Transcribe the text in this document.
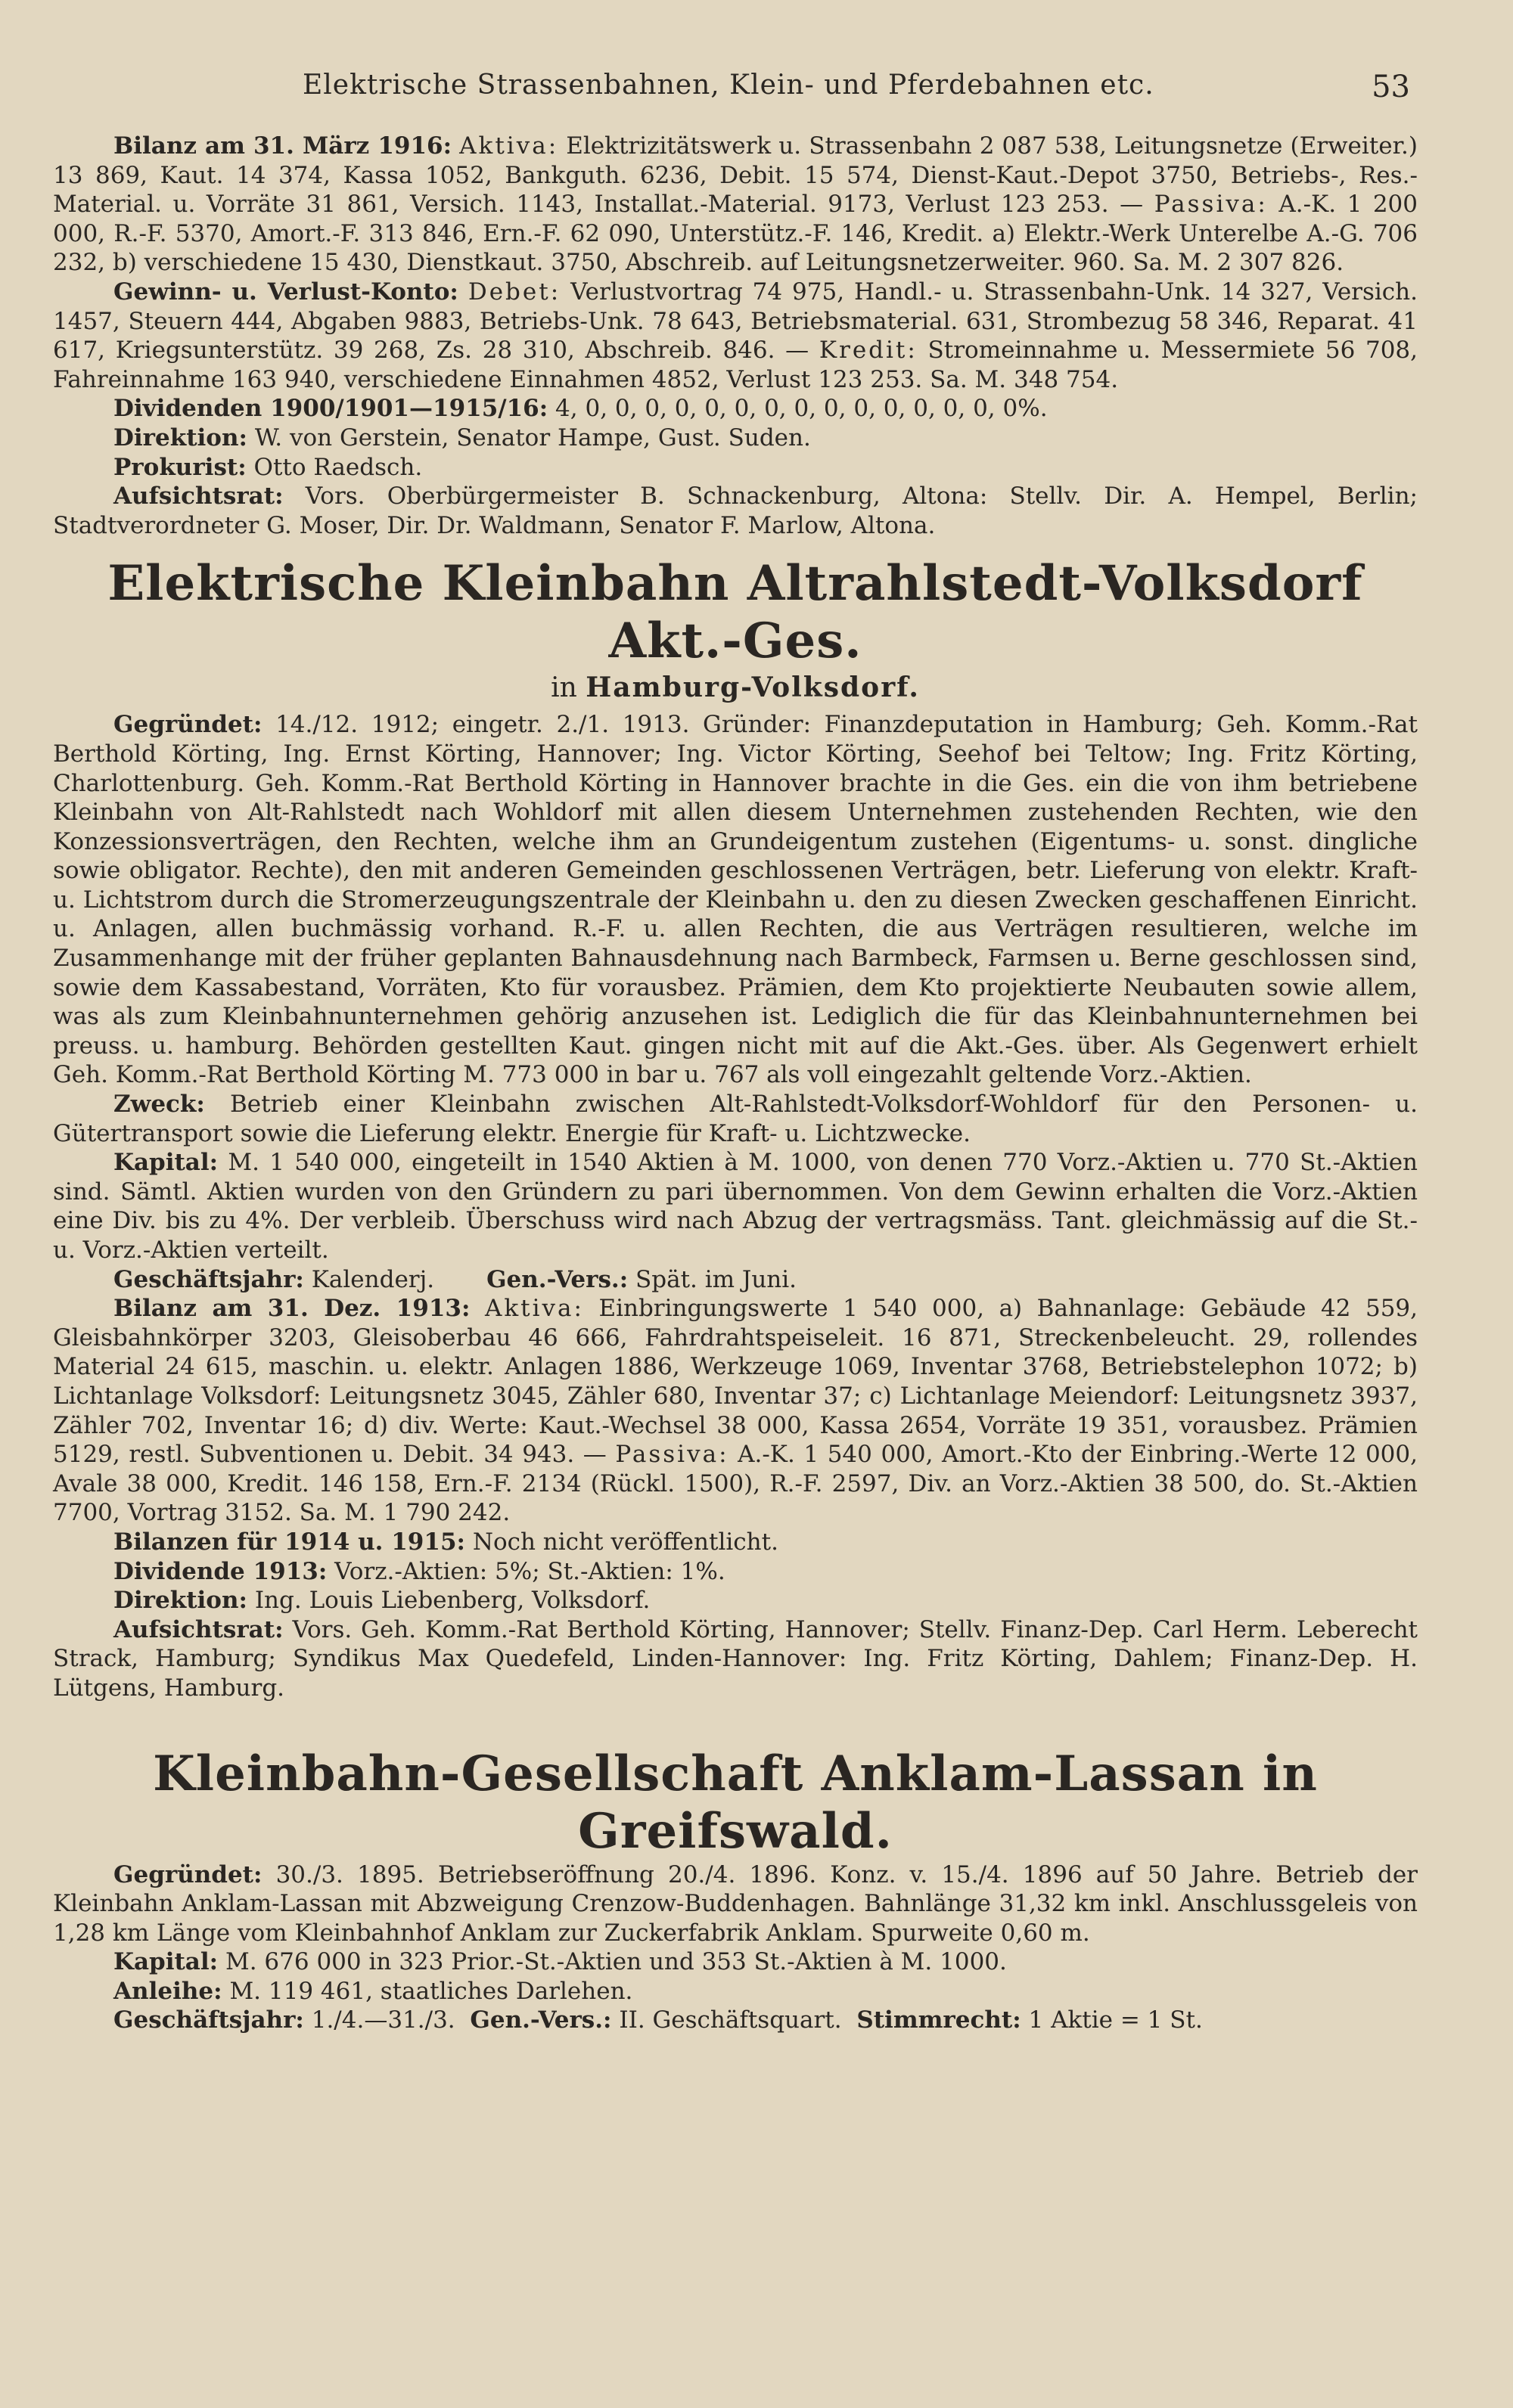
Elektrische Strassenbahnen, Klein- und Pferdebahnen etc.	53

Bilanz am 31. März 1916: Aktiva: Elektrizitätswerk u. Strassenbahn 2 087 538, Leitungsnetze (Erweiter.) 13 869, Kaut. 14 374, Kassa 1052, Bankguth. 6236, Debit. 15 574, Dienst-Kaut.-Depot 3750, Betriebs-, Res.-Material. u. Vorräte 31 861, Versich. 1143, Installat.-Material. 9173, Verlust 123 253. — Passiva: A.-K. 1 200 000, R.-F. 5370, Amort.-F. 313 846, Ern.-F. 62 090, Unterstütz.-F. 146, Kredit. a) Elektr.-Werk Unterelbe A.-G. 706 232, b) verschiedene 15 430, Dienstkaut. 3750, Abschreib. auf Leitungsnetzerweiter. 960. Sa. M. 2 307 826.

Gewinn- u. Verlust-Konto: Debet: Verlustvortrag 74 975, Handl.- u. Strassenbahn-Unk. 14 327, Versich. 1457, Steuern 444, Abgaben 9883, Betriebs-Unk. 78 643, Betriebsmaterial. 631, Strombezug 58 346, Reparat. 41 617, Kriegsunterstütz. 39 268, Zs. 28 310, Abschreib. 846. — Kredit: Stromeinnahme u. Messermiete 56 708, Fahreinnahme 163 940, verschiedene Einnahmen 4852, Verlust 123 253. Sa. M. 348 754.

Dividenden 1900/1901—1915/16: 4, 0, 0, 0, 0, 0, 0, 0, 0, 0, 0, 0, 0, 0, 0, 0%.

Direktion: W. von Gerstein, Senator Hampe, Gust. Suden.

Prokurist: Otto Raedsch.

Aufsichtsrat: Vors. Oberbürgermeister B. Schnackenburg, Altona: Stellv. Dir. A. Hempel, Berlin; Stadtverordneter G. Moser, Dir. Dr. Waldmann, Senator F. Marlow, Altona.

Elektrische Kleinbahn Altrahlstedt-Volksdorf Akt.-Ges.
in Hamburg-Volksdorf.

Gegründet: 14./12. 1912; eingetr. 2./1. 1913. Gründer: Finanzdeputation in Hamburg; Geh. Komm.-Rat Berthold Körting, Ing. Ernst Körting, Hannover; Ing. Victor Körting, Seehof bei Teltow; Ing. Fritz Körting, Charlottenburg. Geh. Komm.-Rat Berthold Körting in Hannover brachte in die Ges. ein die von ihm betriebene Kleinbahn von Alt-Rahlstedt nach Wohldorf mit allen diesem Unternehmen zustehenden Rechten, wie den Konzessionsverträgen, den Rechten, welche ihm an Grundeigentum zustehen (Eigentums- u. sonst. dingliche sowie obligator. Rechte), den mit anderen Gemeinden geschlossenen Verträgen, betr. Lieferung von elektr. Kraft- u. Lichtstrom durch die Stromerzeugungszentrale der Kleinbahn u. den zu diesen Zwecken geschaffenen Einricht. u. Anlagen, allen buchmässig vorhand. R.-F. u. allen Rechten, die aus Verträgen resultieren, welche im Zusammenhange mit der früher geplanten Bahnausdehnung nach Barmbeck, Farmsen u. Berne geschlossen sind, sowie dem Kassabestand, Vorräten, Kto für vorausbez. Prämien, dem Kto projektierte Neubauten sowie allem, was als zum Kleinbahnunternehmen gehörig anzusehen ist. Lediglich die für das Kleinbahnunternehmen bei preuss. u. hamburg. Behörden gestellten Kaut. gingen nicht mit auf die Akt.-Ges. über. Als Gegenwert erhielt Geh. Komm.-Rat Berthold Körting M. 773 000 in bar u. 767 als voll eingezahlt geltende Vorz.-Aktien.

Zweck: Betrieb einer Kleinbahn zwischen Alt-Rahlstedt-Volksdorf-Wohldorf für den Personen- u. Gütertransport sowie die Lieferung elektr. Energie für Kraft- u. Lichtzwecke.

Kapital: M. 1 540 000, eingeteilt in 1540 Aktien à M. 1000, von denen 770 Vorz.-Aktien u. 770 St.-Aktien sind. Sämtl. Aktien wurden von den Gründern zu pari übernommen. Von dem Gewinn erhalten die Vorz.-Aktien eine Div. bis zu 4%. Der verbleib. Überschuss wird nach Abzug der vertragsmäss. Tant. gleichmässig auf die St.- u. Vorz.-Aktien verteilt.

Geschäftsjahr: Kalenderj. Gen.-Vers.: Spät. im Juni.

Bilanz am 31. Dez. 1913: Aktiva: Einbringungswerte 1 540 000, a) Bahnanlage: Gebäude 42 559, Gleisbahnkörper 3203, Gleisoberbau 46 666, Fahrdrahtspeiseleit. 16 871, Streckenbeleucht. 29, rollendes Material 24 615, maschin. u. elektr. Anlagen 1886, Werkzeuge 1069, Inventar 3768, Betriebstelephon 1072; b) Lichtanlage Volksdorf: Leitungsnetz 3045, Zähler 680, Inventar 37; c) Lichtanlage Meiendorf: Leitungsnetz 3937, Zähler 702, Inventar 16; d) div. Werte: Kaut.-Wechsel 38 000, Kassa 2654, Vorräte 19 351, vorausbez. Prämien 5129, restl. Subventionen u. Debit. 34 943. — Passiva: A.-K. 1 540 000, Amort.-Kto der Einbring.-Werte 12 000, Avale 38 000, Kredit. 146 158, Ern.-F. 2134 (Rückl. 1500), R.-F. 2597, Div. an Vorz.-Aktien 38 500, do. St.-Aktien 7700, Vortrag 3152. Sa. M. 1 790 242.

Bilanzen für 1914 u. 1915: Noch nicht veröffentlicht.

Dividende 1913: Vorz.-Aktien: 5%; St.-Aktien: 1%.

Direktion: Ing. Louis Liebenberg, Volksdorf.

Aufsichtsrat: Vors. Geh. Komm.-Rat Berthold Körting, Hannover; Stellv. Finanz-Dep. Carl Herm. Leberecht Strack, Hamburg; Syndikus Max Quedefeld, Linden-Hannover: Ing. Fritz Körting, Dahlem; Finanz-Dep. H. Lütgens, Hamburg.

Kleinbahn-Gesellschaft Anklam-Lassan in Greifswald.

Gegründet: 30./3. 1895. Betriebseröffnung 20./4. 1896. Konz. v. 15./4. 1896 auf 50 Jahre. Betrieb der Kleinbahn Anklam-Lassan mit Abzweigung Crenzow-Buddenhagen. Bahnlänge 31,32 km inkl. Anschlussgeleis von 1,28 km Länge vom Kleinbahnhof Anklam zur Zuckerfabrik Anklam. Spurweite 0,60 m.

Kapital: M. 676 000 in 323 Prior.-St.-Aktien und 353 St.-Aktien à M. 1000.

Anleihe: M. 119 461, staatliches Darlehen.

Geschäftsjahr: 1./4.—31./3. Gen.-Vers.: II. Geschäftsquart. Stimmrecht: 1 Aktie = 1 St.
